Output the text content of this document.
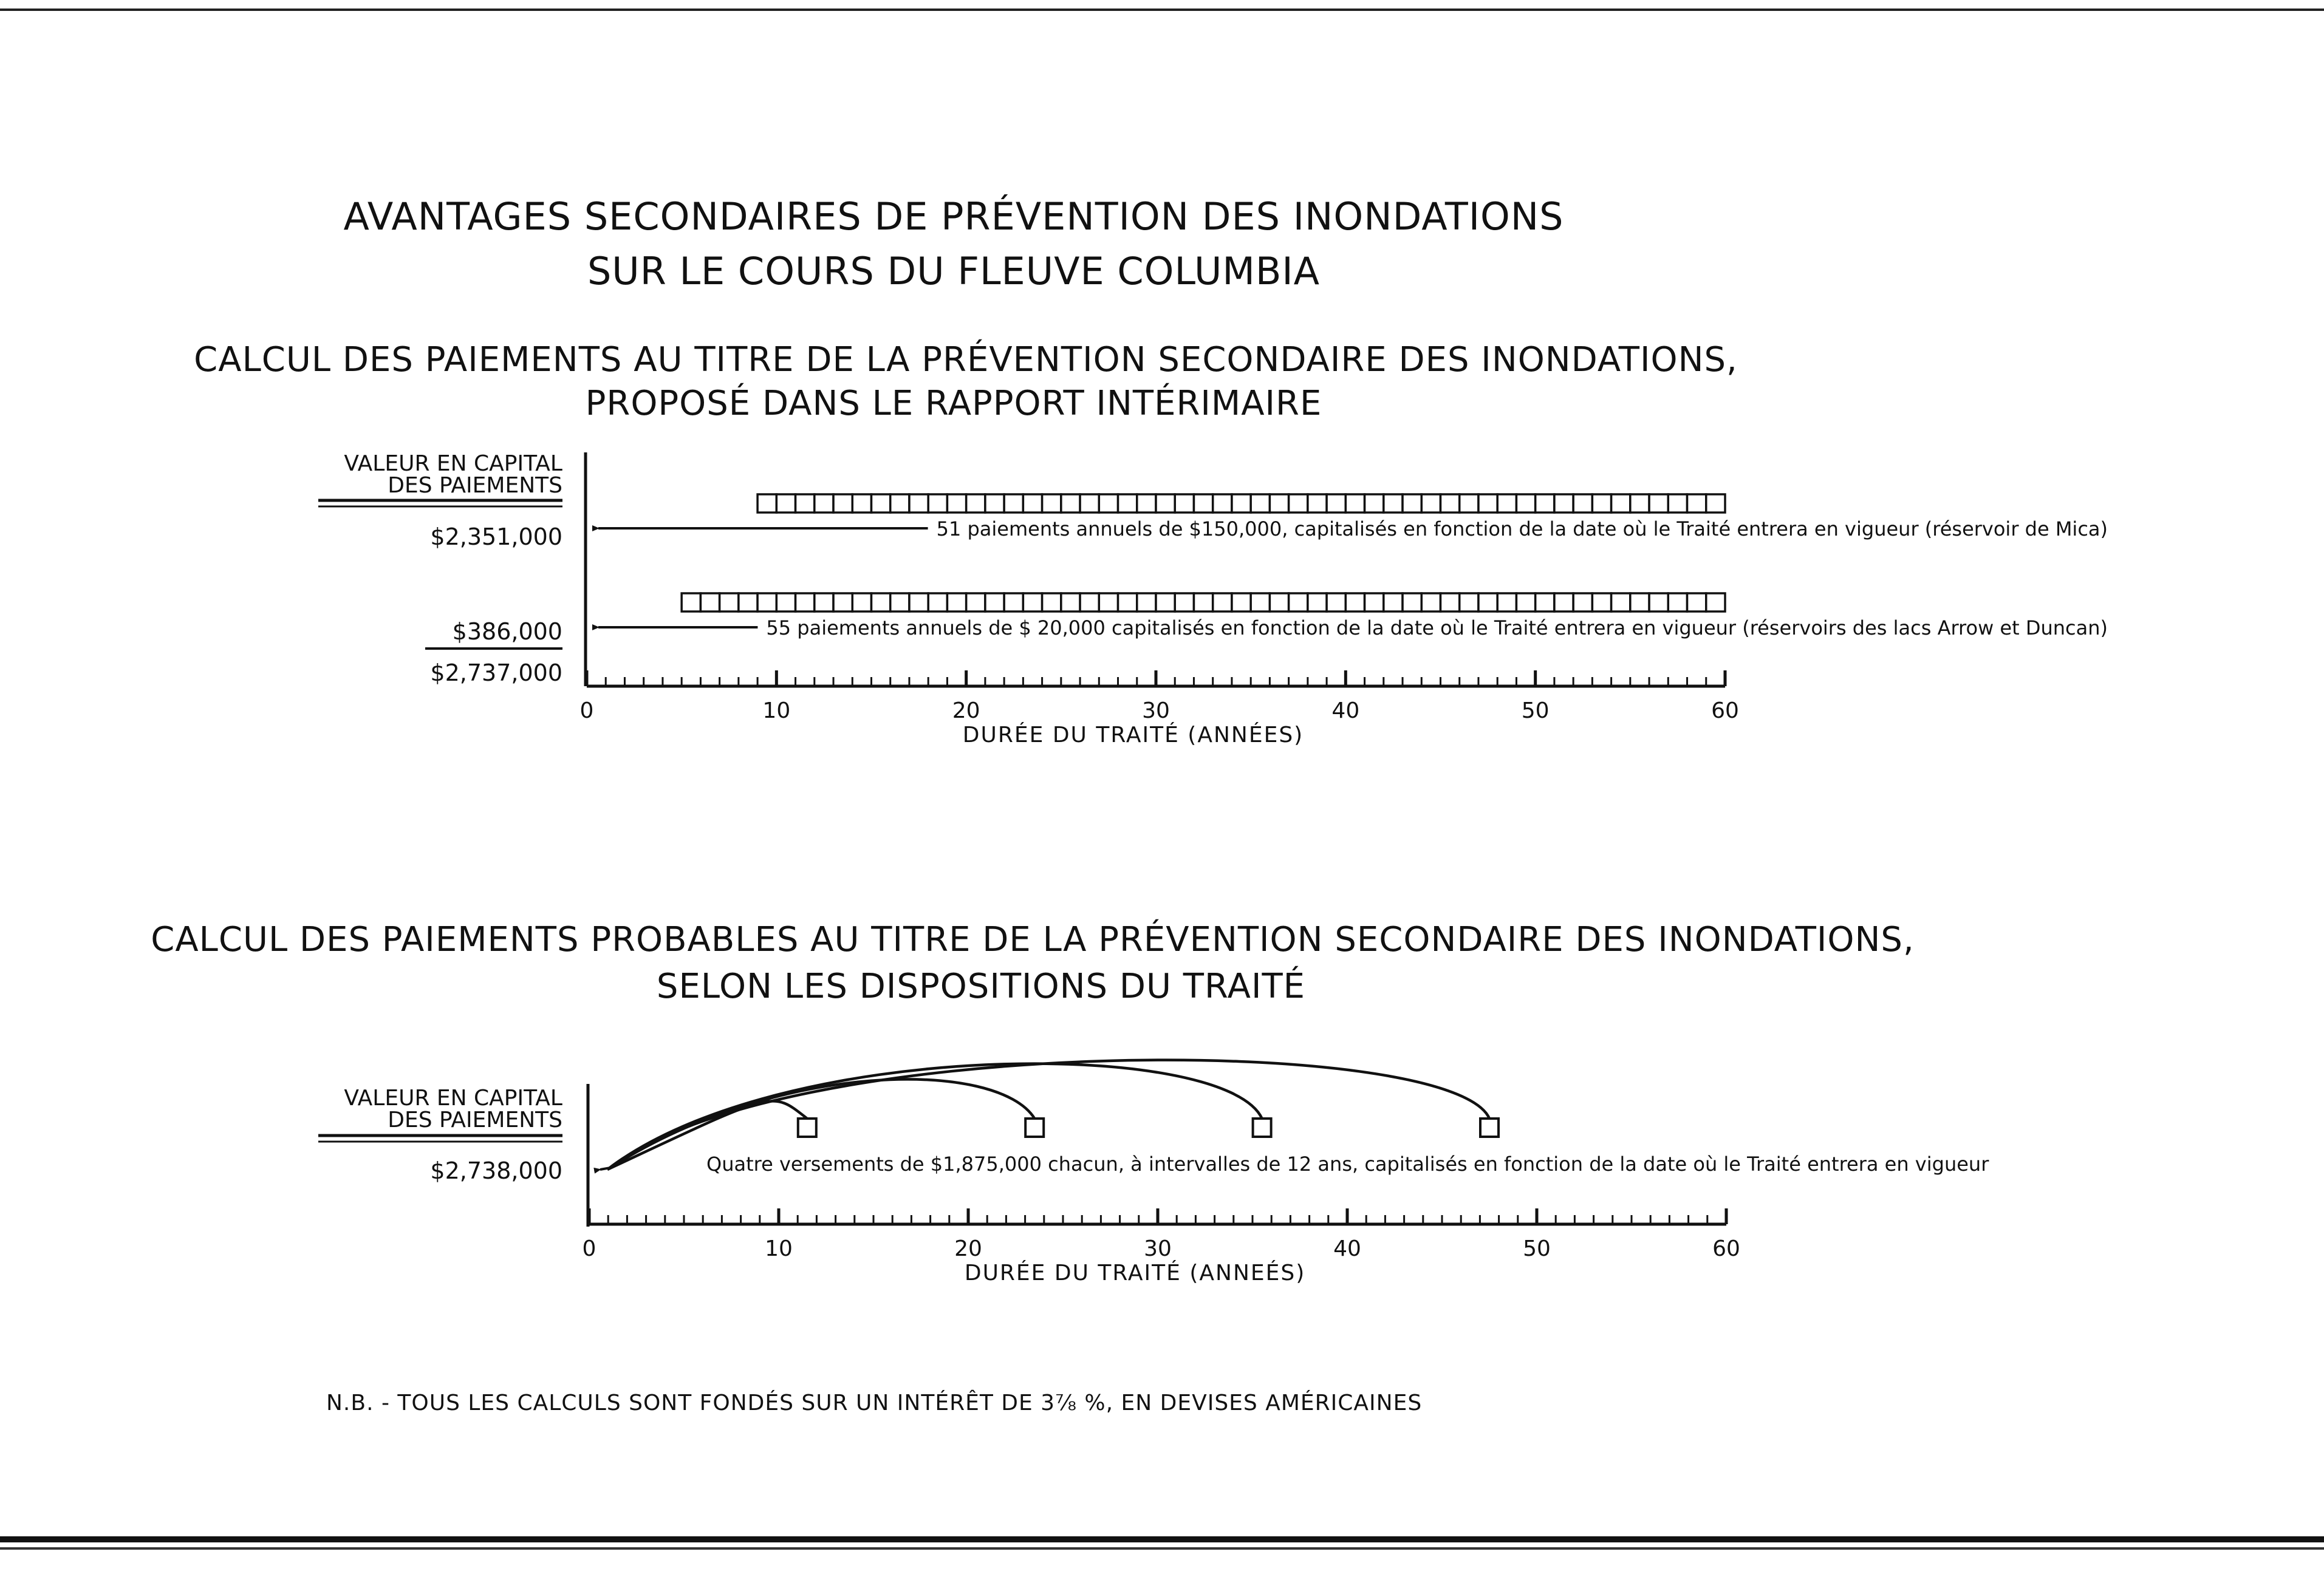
AVANTAGES SECONDAIRES DE PRÉVENTION DES INONDATIONS
SUR LE COURS DU FLEUVE COLUMBIA
CALCUL DES PAIEMENTS AU TITRE DE LA PRÉVENTION SECONDAIRE DES INONDATIONS,
PROPOSÉ DANS LE RAPPORT INTÉRIMAIRE
VALEUR EN CAPITAL
DES PAIEMENTS
$2,351,000
$386,000
$2,737,000
CALCUL DES PAIEMENTS PROBABLES AU TITRE DE LA PRÉVENTION SECONDAIRE DES INONDATIONS,
SELON LES DISPOSITIONS DU TRAITÉ
VALEUR EN CAPITAL
DES PAIEMENTS
$2,738,000
0	10	20	30	40	50	60
DURÉE DU TRAITÉ (ANNÉES)
51 paiements annuels de $150,000, capitalisés en fonction de la date où le Traité entrera en vigueur (réservoir de Mica)
55 paiements annuels de $ 20,000 capitalisés en fonction de la date où le Traité entrera en vigueur (réservoirs des lacs Arrow et Duncan)
0	10	20	30	40	50	60
DURÉE DU TRAITÉ (ANNEÉS)
Quatre versements de $1,875,000 chacun, à intervalles de 12 ans, capitalisés en fonction de la date où le Traité entrera en vigueur
N.B. - TOUS LES CALCULS SONT FONDÉS SUR UN INTÉRÊT DE 3⅞ %, EN DEVISES AMÉRICAINES
